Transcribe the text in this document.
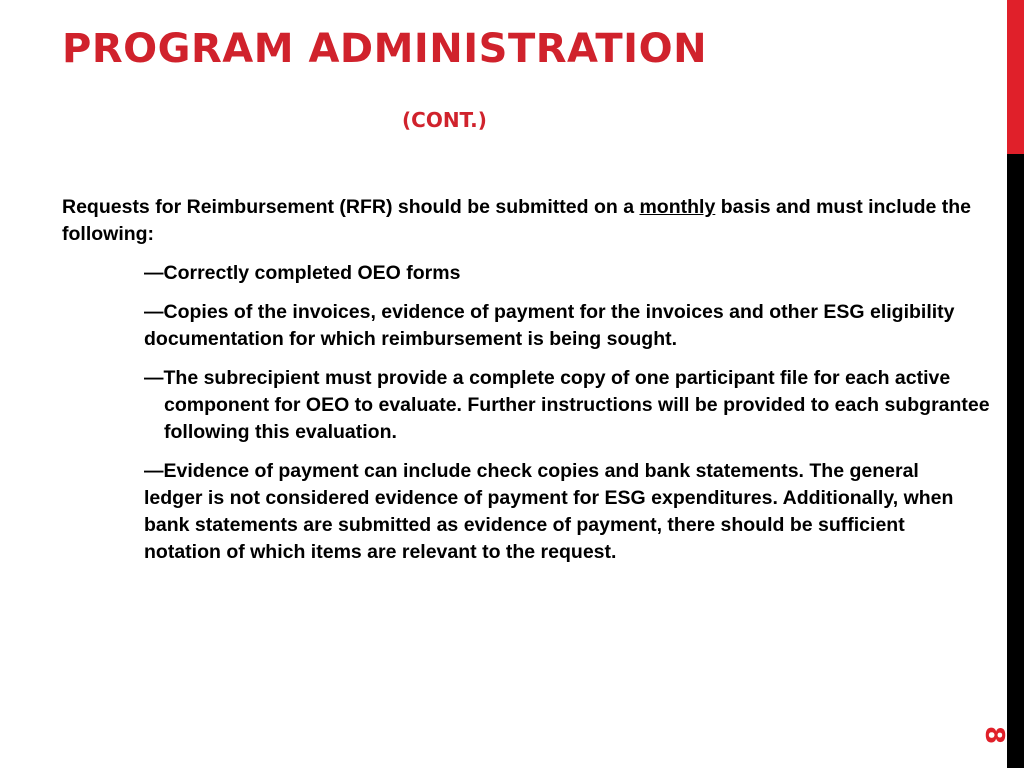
PROGRAM ADMINISTRATION
(CONT.)

Requests for Reimbursement (RFR) should be submitted on a monthly basis and must include the following:

—Correctly completed OEO forms

—Copies of the invoices, evidence of payment for the invoices and other ESG eligibility documentation for which reimbursement is being sought.

—The subrecipient must provide a complete copy of one participant file for each active component for OEO to evaluate. Further instructions will be provided to each subgrantee following this evaluation.

—Evidence of payment can include check copies and bank statements. The general ledger is not considered evidence of payment for ESG expenditures. Additionally, when bank statements are submitted as evidence of payment, there should be sufficient notation of which items are relevant to the request.

8
